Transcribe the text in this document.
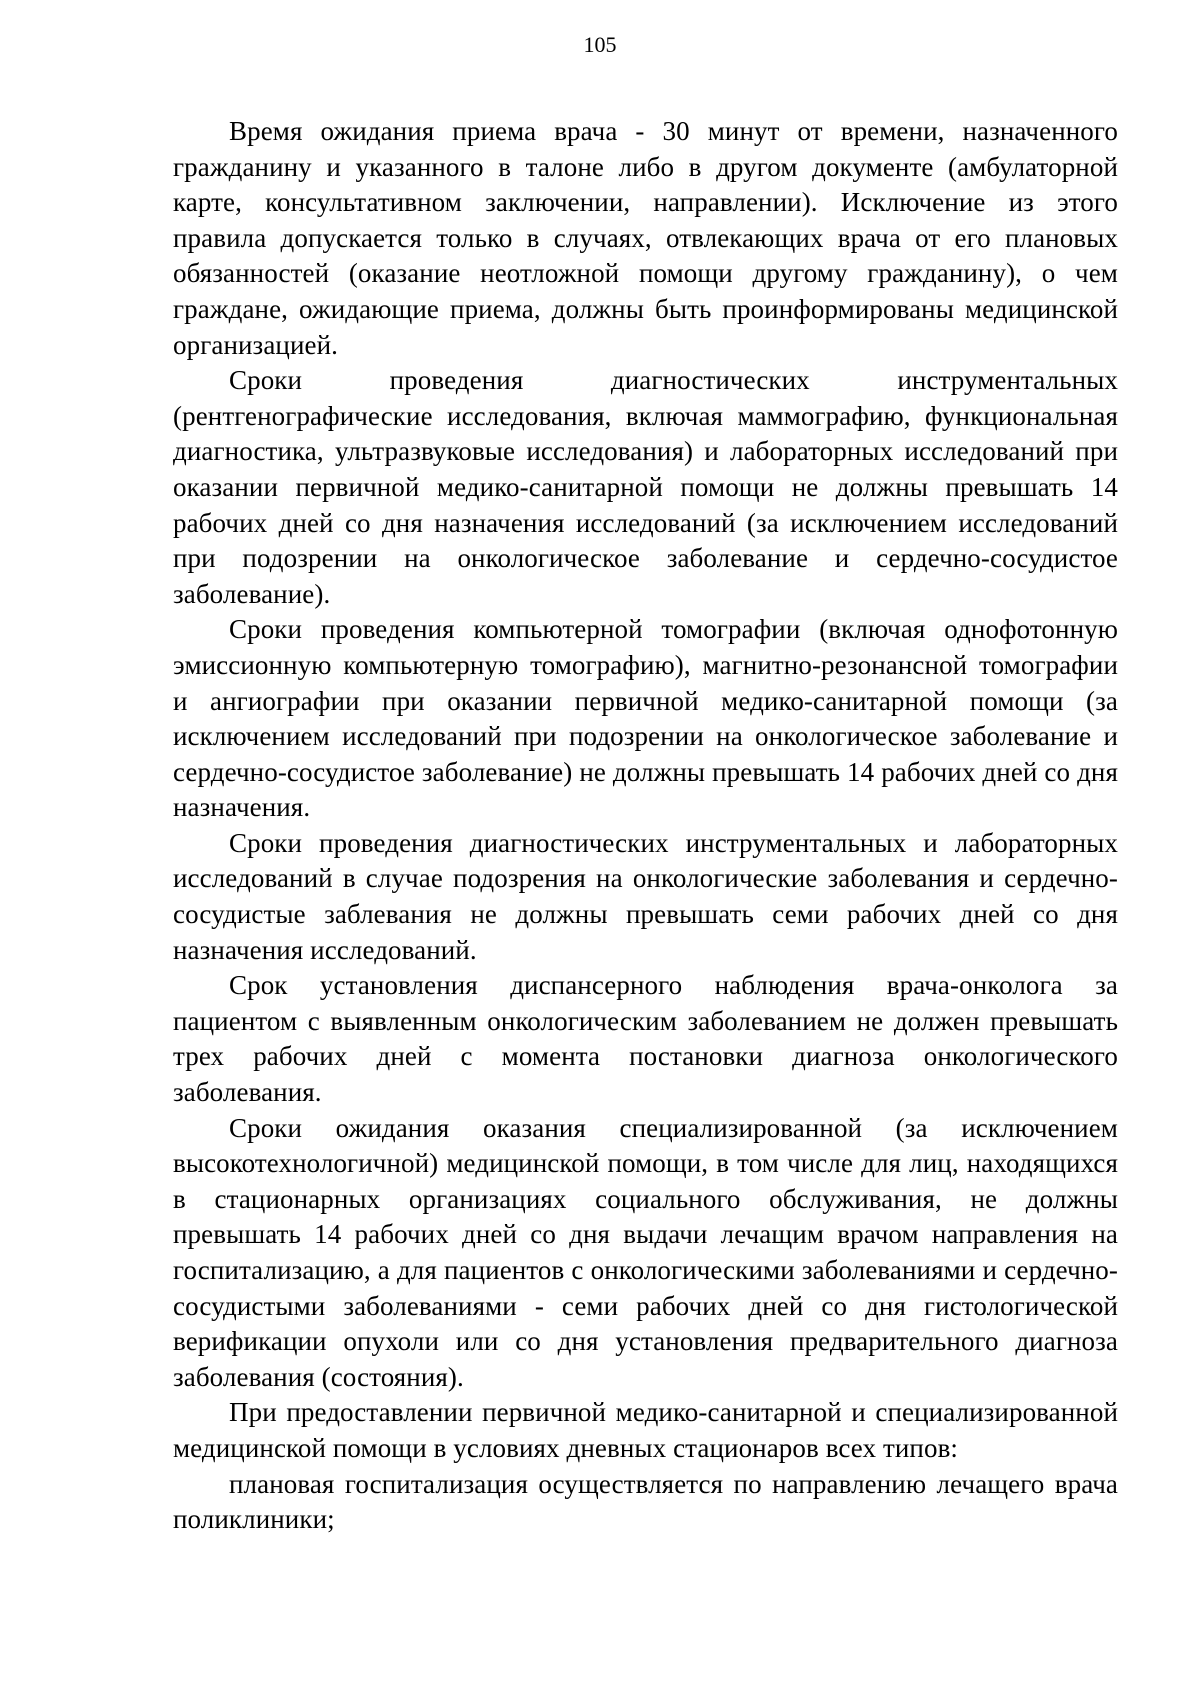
105

Время ожидания приема врача - 30 минут от времени, назначенного гражданину и указанного в талоне либо в другом документе (амбулаторной карте, консультативном заключении, направлении). Исключение из этого правила допускается только в случаях, отвлекающих врача от его плановых обязанностей (оказание неотложной помощи другому гражданину), о чем граждане, ожидающие приема, должны быть проинформированы медицинской организацией.

Сроки проведения диагностических инструментальных (рентгенографические исследования, включая маммографию, функциональная диагностика, ультразвуковые исследования) и лабораторных исследований при оказании первичной медико-санитарной помощи не должны превышать 14 рабочих дней со дня назначения исследований (за исключением исследований при подозрении на онкологическое заболевание и сердечно-сосудистое заболевание).

Сроки проведения компьютерной томографии (включая однофотонную эмиссионную компьютерную томографию), магнитно-резонансной томографии и ангиографии при оказании первичной медико-санитарной помощи (за исключением исследований при подозрении на онкологическое заболевание и сердечно-сосудистое заболевание) не должны превышать 14 рабочих дней со дня назначения.

Сроки проведения диагностических инструментальных и лабораторных исследований в случае подозрения на онкологические заболевания и сердечно-сосудистые заблевания не должны превышать семи рабочих дней со дня назначения исследований.

Срок установления диспансерного наблюдения врача-онколога за пациентом с выявленным онкологическим заболеванием не должен превышать трех рабочих дней с момента постановки диагноза онкологического заболевания.

Сроки ожидания оказания специализированной (за исключением высокотехнологичной) медицинской помощи, в том числе для лиц, находящихся в стационарных организациях социального обслуживания, не должны превышать 14 рабочих дней со дня выдачи лечащим врачом направления на госпитализацию, а для пациентов с онкологическими заболеваниями и сердечно-сосудистыми заболеваниями - семи рабочих дней со дня гистологической верификации опухоли или со дня установления предварительного диагноза заболевания (состояния).

При предоставлении первичной медико-санитарной и специализированной медицинской помощи в условиях дневных стационаров всех типов:

плановая госпитализация осуществляется по направлению лечащего врача поликлиники;
